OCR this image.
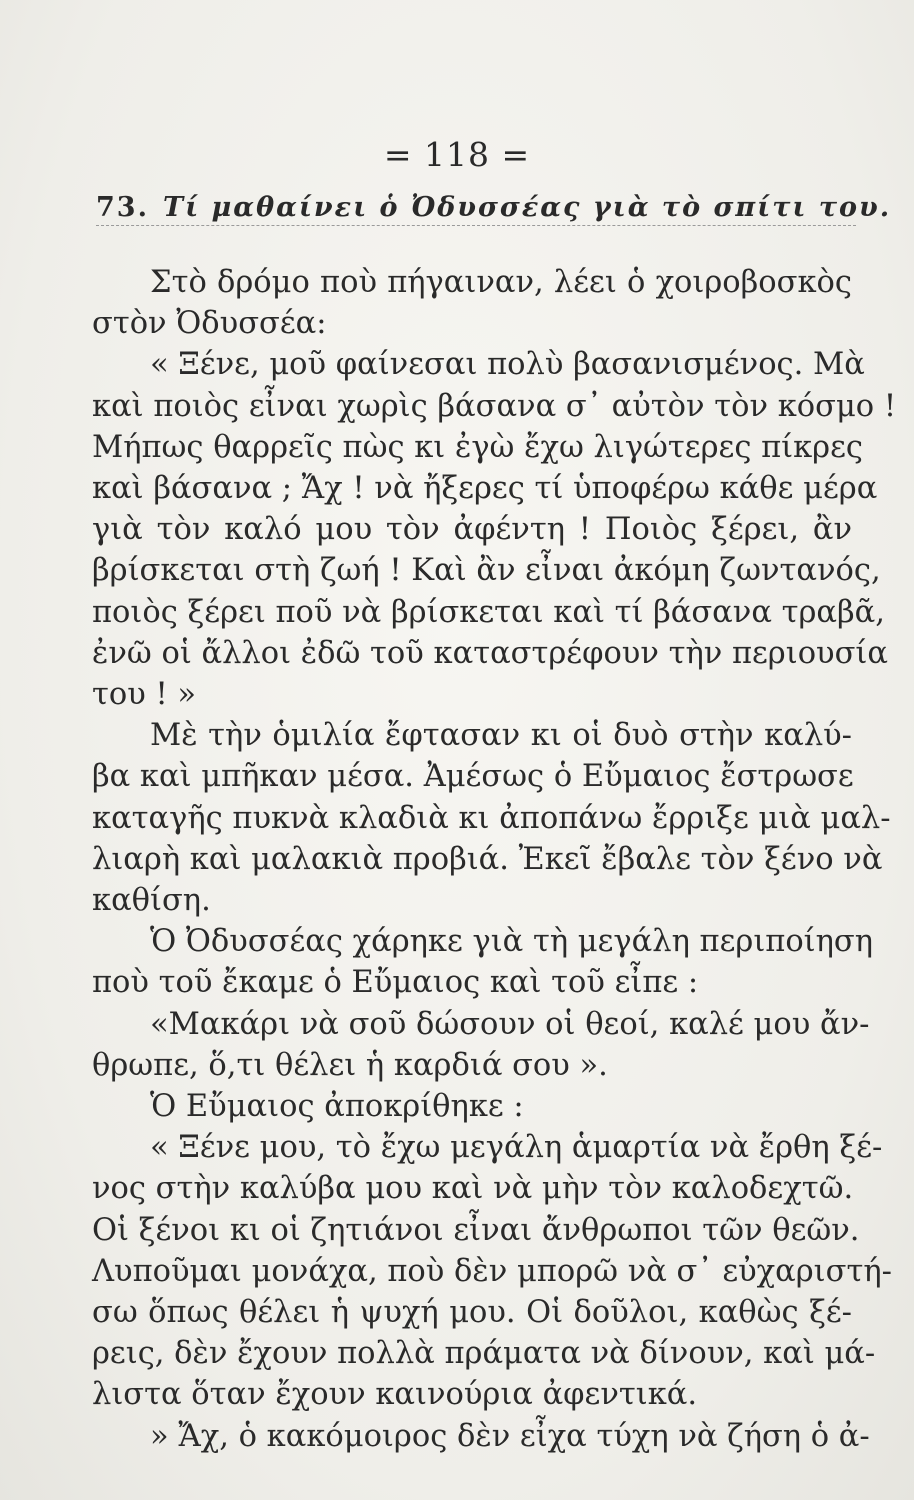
= 118 =
73. Τί μαθαίνει ὁ Ὀδυσσέας γιὰ τὸ σπίτι του.
Στὸ δρόμο ποὺ πήγαιναν, λέει ὁ χοιροβοσκὸς
στὸν Ὀδυσσέα:
« Ξένε, μοῦ φαίνεσαι πολὺ βασανισμένος. Μὰ
καὶ ποιὸς εἶναι χωρὶς βάσανα σ᾽ αὐτὸν τὸν κόσμο !
Μήπως θαρρεῖς πὼς κι ἐγὼ ἔχω λιγώτερες πίκρες
καὶ βάσανα ; Ἄχ ! νὰ ἤξερες τί ὑποφέρω κάθε μέρα
γιὰ τὸν καλό μου τὸν ἀφέντη ! Ποιὸς ξέρει, ἂν
βρίσκεται στὴ ζωή ! Καὶ ἂν εἶναι ἀκόμη ζωντανός,
ποιὸς ξέρει ποῦ νὰ βρίσκεται καὶ τί βάσανα τραβᾶ,
ἐνῶ οἱ ἄλλοι ἐδῶ τοῦ καταστρέφουν τὴν περιουσία
του ! »
Μὲ τὴν ὁμιλία ἔφτασαν κι οἱ δυὸ στὴν καλύ-
βα καὶ μπῆκαν μέσα. Ἀμέσως ὁ Εὔμαιος ἔστρωσε
καταγῆς πυκνὰ κλαδιὰ κι ἀποπάνω ἔρριξε μιὰ μαλ-
λιαρὴ καὶ μαλακιὰ προβιά. Ἐκεῖ ἔβαλε τὸν ξένο νὰ
καθίση.
Ὁ Ὀδυσσέας χάρηκε γιὰ τὴ μεγάλη περιποίηση
ποὺ τοῦ ἔκαμε ὁ Εὔμαιος καὶ τοῦ εἶπε :
«Μακάρι νὰ σοῦ δώσουν οἱ θεοί, καλέ μου ἄν-
θρωπε, ὅ,τι θέλει ἡ καρδιά σου ».
Ὁ Εὔμαιος ἀποκρίθηκε :
« Ξένε μου, τὸ ἔχω μεγάλη ἁμαρτία νὰ ἔρθη ξέ-
νος στὴν καλύβα μου καὶ νὰ μὴν τὸν καλοδεχτῶ.
Οἱ ξένοι κι οἱ ζητιάνοι εἶναι ἄνθρωποι τῶν θεῶν.
Λυποῦμαι μονάχα, ποὺ δὲν μπορῶ νὰ σ᾽ εὐχαριστή-
σω ὅπως θέλει ἡ ψυχή μου. Οἱ δοῦλοι, καθὼς ξέ-
ρεις, δὲν ἔχουν πολλὰ πράματα νὰ δίνουν, καὶ μά-
λιστα ὅταν ἔχουν καινούρια ἀφεντικά.
» Ἄχ, ὁ κακόμοιρος δὲν εἶχα τύχη νὰ ζήση ὁ ἀ-
